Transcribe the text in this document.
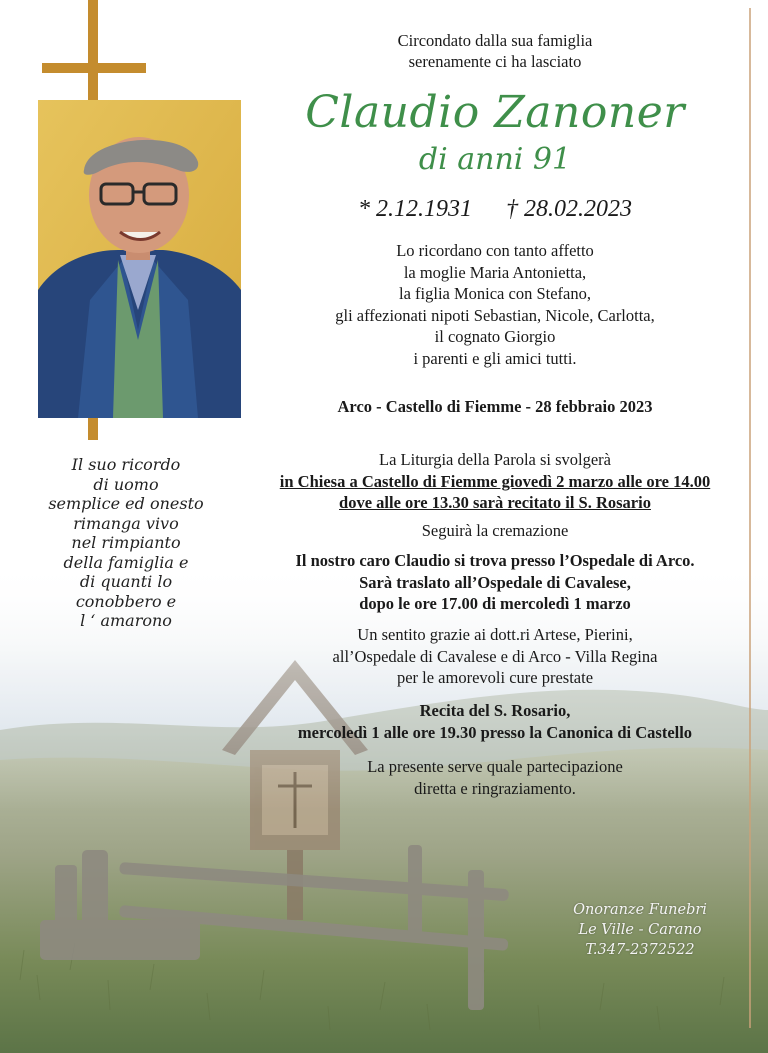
Il suo ricordo
di uomo
semplice ed onesto
rimanga vivo
nel rimpianto
della famiglia e
di quanti lo
conobbero e
l ‘ amarono
Circondato dalla sua famiglia
serenamente ci ha lasciato
Claudio Zanoner
di anni 91
* 2.12.1931 † 28.02.2023
Lo ricordano con tanto affetto
la moglie Maria Antonietta,
la figlia Monica con Stefano,
gli affezionati nipoti Sebastian, Nicole, Carlotta,
il cognato Giorgio
i parenti e gli amici tutti.
Arco - Castello di Fiemme - 28 febbraio 2023
La Liturgia della Parola si svolgerà
in Chiesa a Castello di Fiemme giovedì 2 marzo alle ore 14.00
dove alle ore 13.30 sarà recitato il S. Rosario
Seguirà la cremazione
Il nostro caro Claudio si trova presso l’Ospedale di Arco.
Sarà traslato all’Ospedale di Cavalese,
dopo le ore 17.00 di mercoledì 1 marzo
Un sentito grazie ai dott.ri Artese, Pierini,
all’Ospedale di Cavalese e di Arco - Villa Regina
per le amorevoli cure prestate
Recita del S. Rosario,
mercoledì 1 alle ore 19.30 presso la Canonica di Castello
La presente serve quale partecipazione
diretta e ringraziamento.
Onoranze Funebri
Le Ville - Carano
T.347-2372522
